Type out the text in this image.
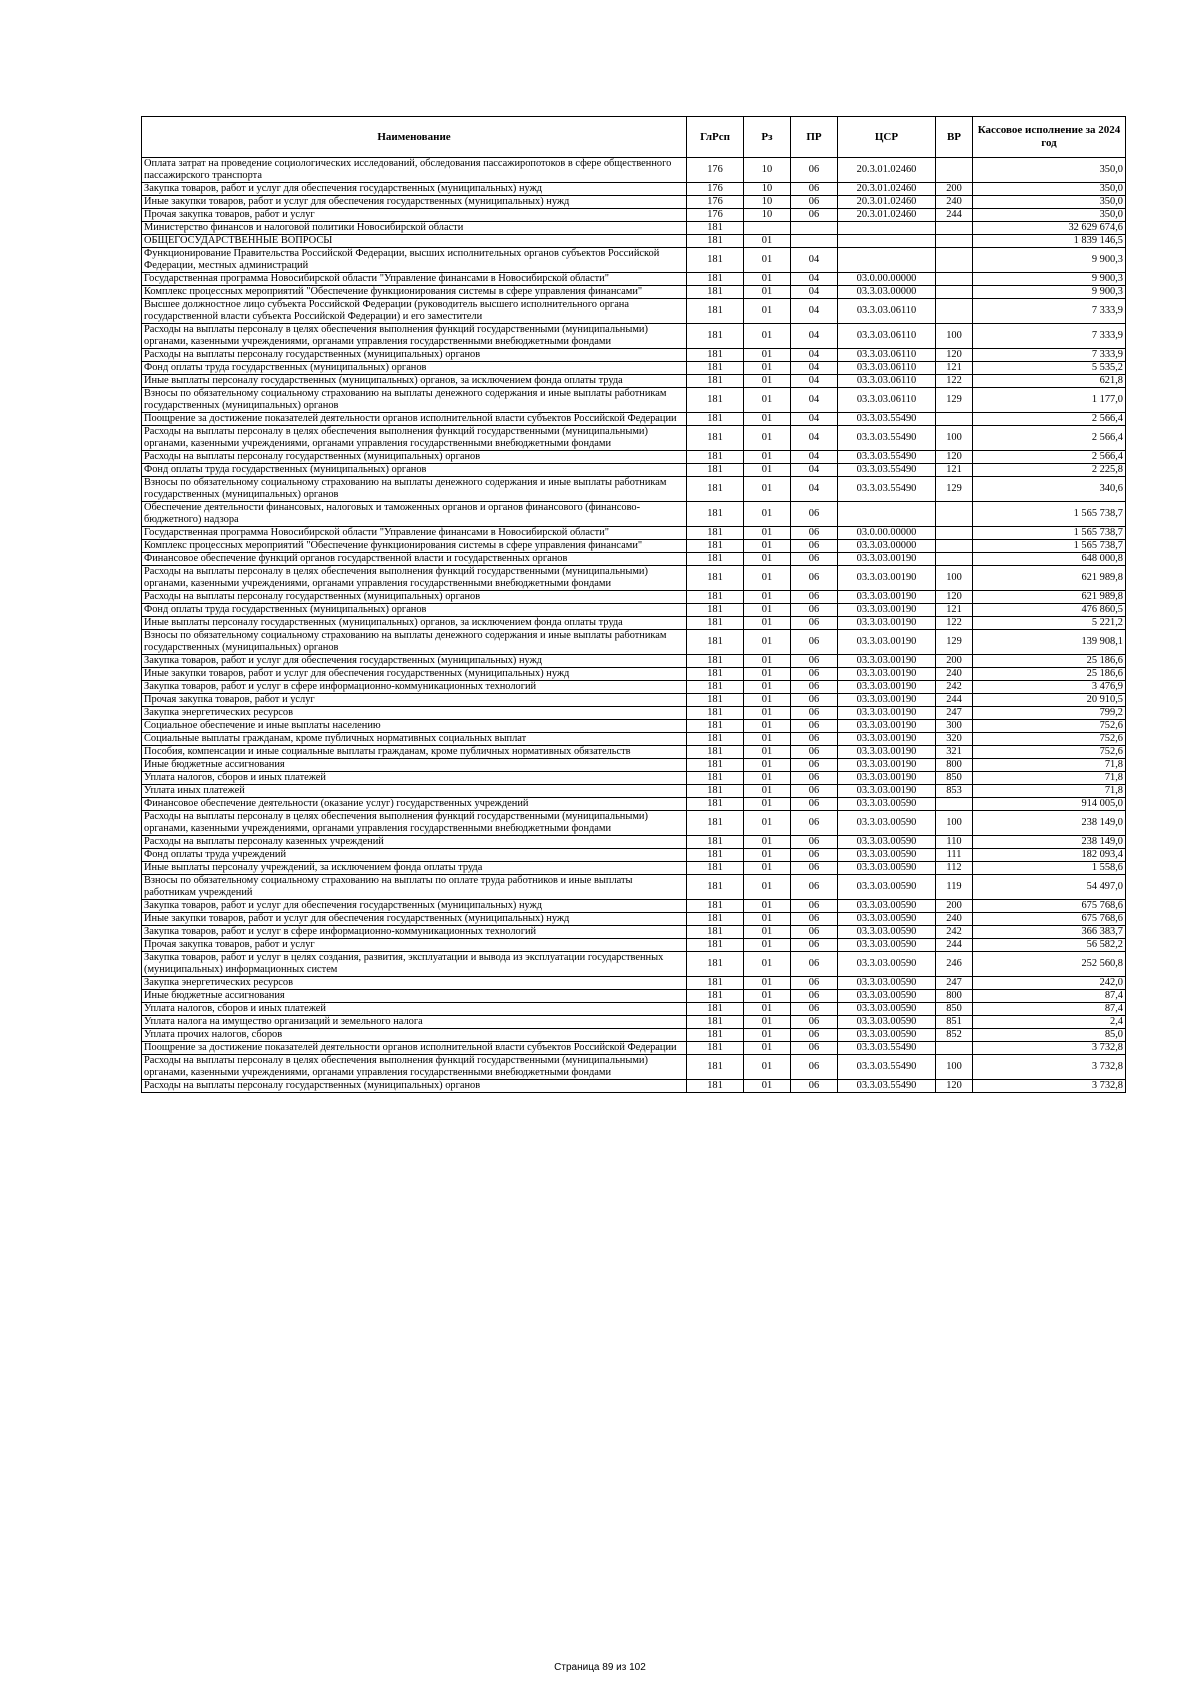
Наименование	ГлРсп	Рз	ПР	ЦСР	ВР	Кассовое исполнение за 2024 год
Оплата затрат на проведение социологических исследований, обследования пассажиропотоков в сфере общественного пассажирского транспорта	176	10	06	20.3.01.02460		350,0
Закупка товаров, работ и услуг для обеспечения государственных (муниципальных) нужд	176	10	06	20.3.01.02460	200	350,0
Иные закупки товаров, работ и услуг для обеспечения государственных (муниципальных) нужд	176	10	06	20.3.01.02460	240	350,0
Прочая закупка товаров, работ и услуг	176	10	06	20.3.01.02460	244	350,0
Министерство финансов и налоговой политики Новосибирской области	181					32 629 674,6
ОБЩЕГОСУДАРСТВЕННЫЕ ВОПРОСЫ	181	01				1 839 146,5
Функционирование Правительства Российской Федерации, высших исполнительных органов субъектов Российской Федерации, местных администраций	181	01	04			9 900,3
Государственная программа Новосибирской области "Управление финансами в Новосибирской области"	181	01	04	03.0.00.00000		9 900,3
Комплекс процессных мероприятий "Обеспечение функционирования системы в сфере управления финансами"	181	01	04	03.3.03.00000		9 900,3
Высшее должностное лицо субъекта Российской Федерации (руководитель высшего исполнительного органа государственной власти субъекта Российской Федерации) и его заместители	181	01	04	03.3.03.06110		7 333,9
Расходы на выплаты персоналу в целях обеспечения выполнения функций государственными (муниципальными) органами, казенными учреждениями, органами управления государственными внебюджетными фондами	181	01	04	03.3.03.06110	100	7 333,9
Расходы на выплаты персоналу государственных (муниципальных) органов	181	01	04	03.3.03.06110	120	7 333,9
Фонд оплаты труда государственных (муниципальных) органов	181	01	04	03.3.03.06110	121	5 535,2
Иные выплаты персоналу государственных (муниципальных) органов, за исключением фонда оплаты труда	181	01	04	03.3.03.06110	122	621,8
Взносы по обязательному социальному страхованию на выплаты денежного содержания и иные выплаты работникам государственных (муниципальных) органов	181	01	04	03.3.03.06110	129	1 177,0
Поощрение за достижение показателей деятельности органов исполнительной власти субъектов Российской Федерации	181	01	04	03.3.03.55490		2 566,4
Расходы на выплаты персоналу в целях обеспечения выполнения функций государственными (муниципальными) органами, казенными учреждениями, органами управления государственными внебюджетными фондами	181	01	04	03.3.03.55490	100	2 566,4
Расходы на выплаты персоналу государственных (муниципальных) органов	181	01	04	03.3.03.55490	120	2 566,4
Фонд оплаты труда государственных (муниципальных) органов	181	01	04	03.3.03.55490	121	2 225,8
Взносы по обязательному социальному страхованию на выплаты денежного содержания и иные выплаты работникам государственных (муниципальных) органов	181	01	04	03.3.03.55490	129	340,6
Обеспечение деятельности финансовых, налоговых и таможенных органов и органов финансового (финансово-бюджетного) надзора	181	01	06			1 565 738,7
Государственная программа Новосибирской области "Управление финансами в Новосибирской области"	181	01	06	03.0.00.00000		1 565 738,7
Комплекс процессных мероприятий "Обеспечение функционирования системы в сфере управления финансами"	181	01	06	03.3.03.00000		1 565 738,7
Финансовое обеспечение функций органов государственной власти и государственных органов	181	01	06	03.3.03.00190		648 000,8
Расходы на выплаты персоналу в целях обеспечения выполнения функций государственными (муниципальными) органами, казенными учреждениями, органами управления государственными внебюджетными фондами	181	01	06	03.3.03.00190	100	621 989,8
Расходы на выплаты персоналу государственных (муниципальных) органов	181	01	06	03.3.03.00190	120	621 989,8
Фонд оплаты труда государственных (муниципальных) органов	181	01	06	03.3.03.00190	121	476 860,5
Иные выплаты персоналу государственных (муниципальных) органов, за исключением фонда оплаты труда	181	01	06	03.3.03.00190	122	5 221,2
Взносы по обязательному социальному страхованию на выплаты денежного содержания и иные выплаты работникам государственных (муниципальных) органов	181	01	06	03.3.03.00190	129	139 908,1
Закупка товаров, работ и услуг для обеспечения государственных (муниципальных) нужд	181	01	06	03.3.03.00190	200	25 186,6
Иные закупки товаров, работ и услуг для обеспечения государственных (муниципальных) нужд	181	01	06	03.3.03.00190	240	25 186,6
Закупка товаров, работ и услуг в сфере информационно-коммуникационных технологий	181	01	06	03.3.03.00190	242	3 476,9
Прочая закупка товаров, работ и услуг	181	01	06	03.3.03.00190	244	20 910,5
Закупка энергетических ресурсов	181	01	06	03.3.03.00190	247	799,2
Социальное обеспечение и иные выплаты населению	181	01	06	03.3.03.00190	300	752,6
Социальные выплаты гражданам, кроме публичных нормативных социальных выплат	181	01	06	03.3.03.00190	320	752,6
Пособия, компенсации и иные социальные выплаты гражданам, кроме публичных нормативных обязательств	181	01	06	03.3.03.00190	321	752,6
Иные бюджетные ассигнования	181	01	06	03.3.03.00190	800	71,8
Уплата налогов, сборов и иных платежей	181	01	06	03.3.03.00190	850	71,8
Уплата иных платежей	181	01	06	03.3.03.00190	853	71,8
Финансовое обеспечение деятельности (оказание услуг) государственных учреждений	181	01	06	03.3.03.00590		914 005,0
Расходы на выплаты персоналу в целях обеспечения выполнения функций государственными (муниципальными) органами, казенными учреждениями, органами управления государственными внебюджетными фондами	181	01	06	03.3.03.00590	100	238 149,0
Расходы на выплаты персоналу казенных учреждений	181	01	06	03.3.03.00590	110	238 149,0
Фонд оплаты труда учреждений	181	01	06	03.3.03.00590	111	182 093,4
Иные выплаты персоналу учреждений, за исключением фонда оплаты труда	181	01	06	03.3.03.00590	112	1 558,6
Взносы по обязательному социальному страхованию на выплаты по оплате труда работников и иные выплаты работникам учреждений	181	01	06	03.3.03.00590	119	54 497,0
Закупка товаров, работ и услуг для обеспечения государственных (муниципальных) нужд	181	01	06	03.3.03.00590	200	675 768,6
Иные закупки товаров, работ и услуг для обеспечения государственных (муниципальных) нужд	181	01	06	03.3.03.00590	240	675 768,6
Закупка товаров, работ и услуг в сфере информационно-коммуникационных технологий	181	01	06	03.3.03.00590	242	366 383,7
Прочая закупка товаров, работ и услуг	181	01	06	03.3.03.00590	244	56 582,2
Закупка товаров, работ и услуг в целях создания, развития, эксплуатации и вывода из эксплуатации государственных (муниципальных) информационных систем	181	01	06	03.3.03.00590	246	252 560,8
Закупка энергетических ресурсов	181	01	06	03.3.03.00590	247	242,0
Иные бюджетные ассигнования	181	01	06	03.3.03.00590	800	87,4
Уплата налогов, сборов и иных платежей	181	01	06	03.3.03.00590	850	87,4
Уплата налога на имущество организаций и земельного налога	181	01	06	03.3.03.00590	851	2,4
Уплата прочих налогов, сборов	181	01	06	03.3.03.00590	852	85,0
Поощрение за достижение показателей деятельности органов исполнительной власти субъектов Российской Федерации	181	01	06	03.3.03.55490		3 732,8
Расходы на выплаты персоналу в целях обеспечения выполнения функций государственными (муниципальными) органами, казенными учреждениями, органами управления государственными внебюджетными фондами	181	01	06	03.3.03.55490	100	3 732,8
Расходы на выплаты персоналу государственных (муниципальных) органов	181	01	06	03.3.03.55490	120	3 732,8
Страница 89 из 102
